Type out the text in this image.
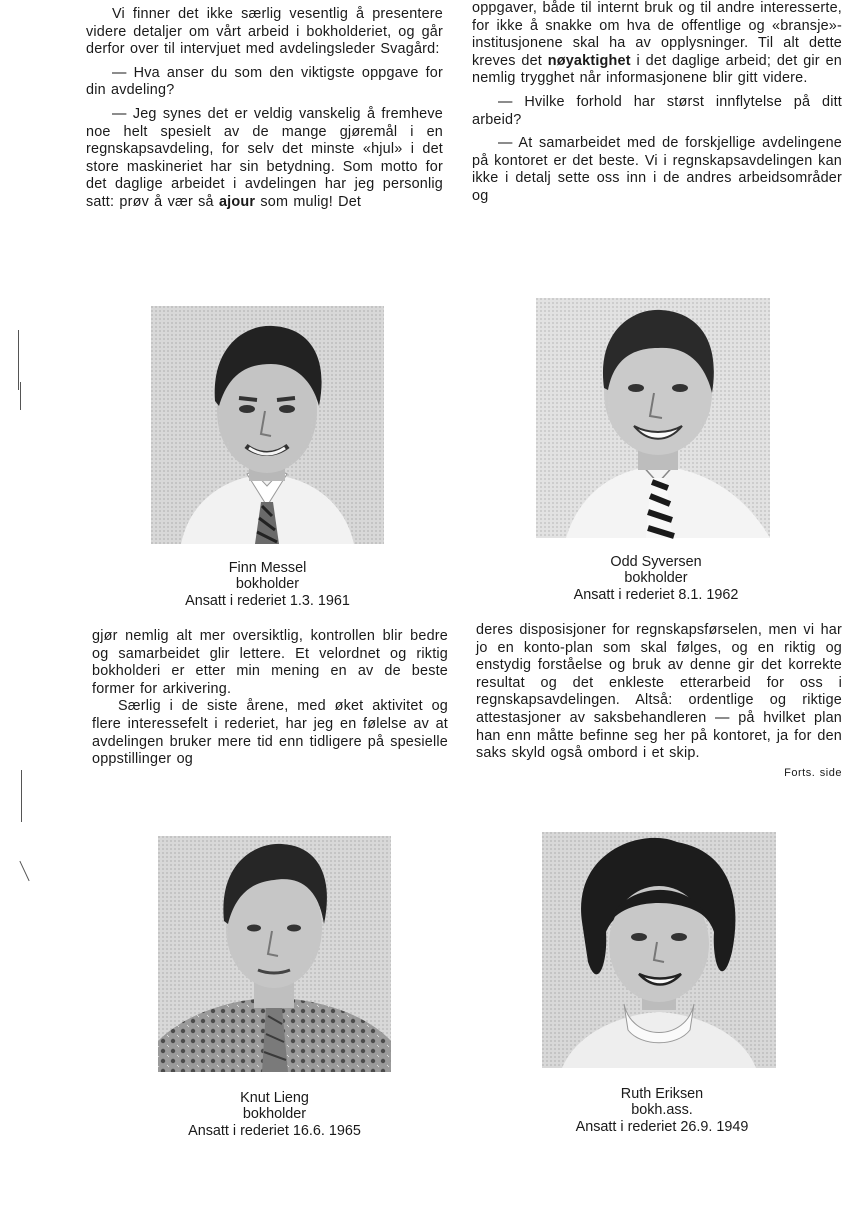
Vi finner det ikke særlig vesentlig å presentere videre detaljer om vårt arbeid i bokholderiet, og går derfor over til intervjuet med avdelingsleder Svagård:

— Hva anser du som den viktigste oppgave for din avdeling?

— Jeg synes det er veldig vanskelig å fremheve noe helt spesielt av de mange gjøremål i en regnskapsavdeling, for selv det minste «hjul» i det store maskineriet har sin betydning. Som motto for det daglige arbeidet i avdelingen har jeg personlig satt: prøv å vær så ajour som mulig! Det

oppgaver, både til internt bruk og til andre interesserte, for ikke å snakke om hva de offentlige og «bransje»-institusjonene skal ha av opplysninger. Til alt dette kreves det nøyaktighet i det daglige arbeid; det gir en nemlig trygghet når informasjonene blir gitt videre.

— Hvilke forhold har størst innflytelse på ditt arbeid?

— At samarbeidet med de forskjellige avdelingene på kontoret er det beste. Vi i regnskapsavdelingen kan ikke i detalj sette oss inn i de andres arbeidsområder og

Finn Messel
bokholder
Ansatt i rederiet 1.3. 1961
Odd Syversen
bokholder
Ansatt i rederiet 8.1. 1962

gjør nemlig alt mer oversiktlig, kontrollen blir bedre og samarbeidet glir lettere. Et velordnet og riktig bokholderi er etter min mening en av de beste former for arkivering.

Særlig i de siste årene, med øket aktivitet og flere interessefelt i rederiet, har jeg en følelse av at avdelingen bruker mere tid enn tidligere på spesielle oppstillinger og

deres disposisjoner for regnskapsførselen, men vi har jo en konto-plan som skal følges, og en riktig og enstydig forståelse og bruk av denne gir det korrekte resultat og det enkleste etterarbeid for oss i regnskapsavdelingen. Altså: ordentlige og riktige attestasjoner av saksbehandleren — på hvilket plan han enn måtte befinne seg her på kontoret, ja for den saks skyld også ombord i et skip.

Forts. side
Knut Lieng
bokholder
Ansatt i rederiet 16.6. 1965
Ruth Eriksen
bokh.ass.
Ansatt i rederiet 26.9. 1949
